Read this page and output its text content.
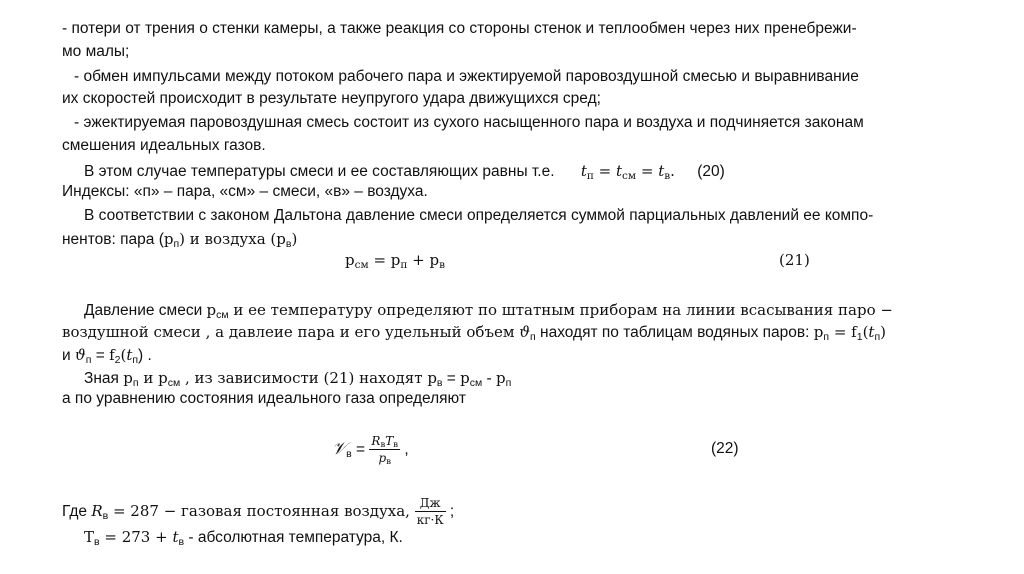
- потери от трения о стенки камеры, а также реакция со стороны стенок и теплообмен через них пренебрежи-
мо малы;
- обмен импульсами между потоком рабочего пара и эжектируемой паровоздушной смесью и выравнивание
их скоростей происходит в результате неупругого удара движущихся сред;
- эжектируемая паровоздушная смесь состоит из сухого насыщенного пара и воздуха и подчиняется законам
смешения идеальных газов.
В этом случае температуры смеси и ее составляющих равны т.е. $t_п = t_{см} = t_в$. (20)
Индексы: «п» – пара, «см» – смеси, «в» – воздуха.
В соответствии с законом Дальтона давление смеси определяется суммой парциальных давлений ее компо-
нентов: пара $(p_п)$ и воздуха $(p_в)$
$p_{см} = p_п + p_в$	(21)
Давление смеси $p_{см}$ и ее температуру определяют по штатным приборам на линии всасывания паро −
воздушной смеси , а давлеие пара и его удельный объем $ϑ_п$ находят по таблицам водяных паров: $p_п = f_1(t_п)$
и $ϑ_п = f_2(t_п)$ .
Зная $p_п$ и $p_{см}$ , из зависимости (21) находят $p_в = p_{см} - p_п$
а по уравнению состояния идеального газа определяют
𝒱$_в$ = $\frac{R_вT_в}{p_в}$ ,	(22)
Где $R_в = 287$ − газовая постоянная воздуха, $\frac{Дж}{кг\cdot К}$ ;
$T_в = 273 + t_в$ - абсолютная температура, К.
